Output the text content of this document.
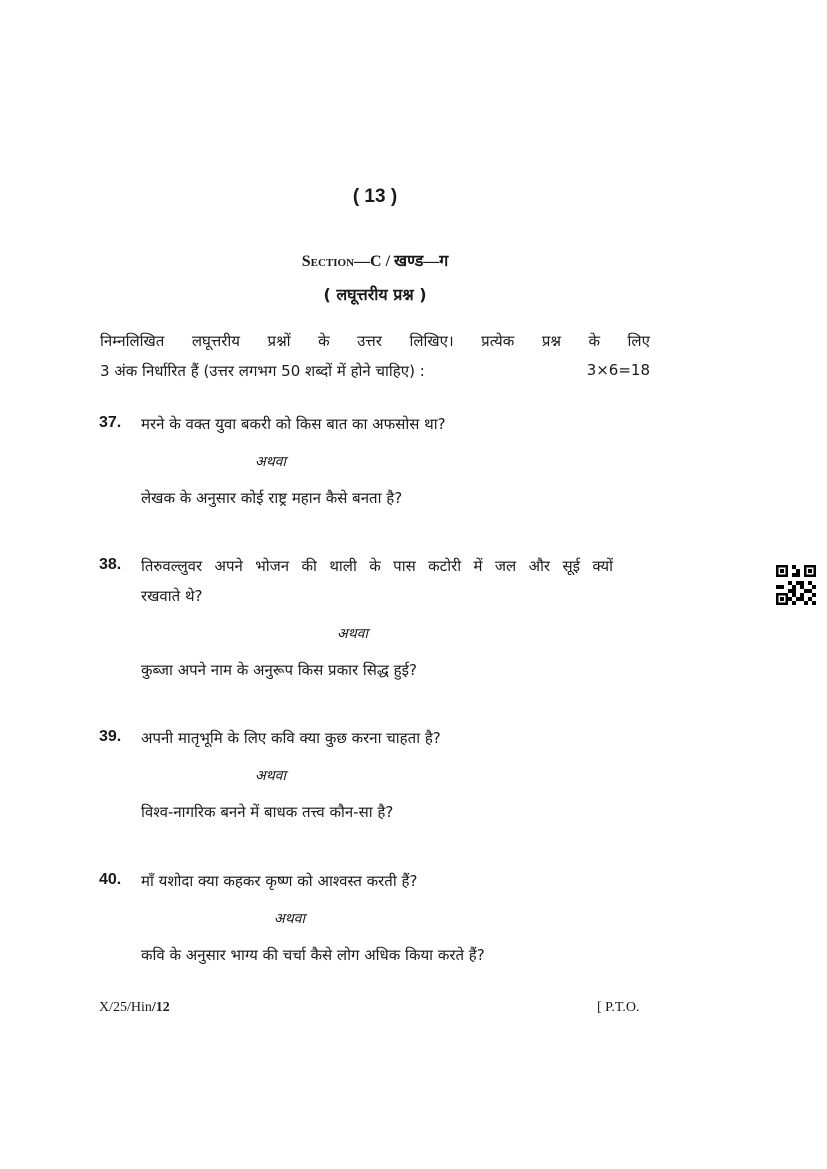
( 13 )
Section—C / खण्ड—ग
( लघूत्तरीय प्रश्न )
निम्नलिखित लघूत्तरीय प्रश्नों के उत्तर लिखिए। प्रत्येक प्रश्न के लिए
3 अंक निर्धारित हैं (उत्तर लगभग 50 शब्दों में होने चाहिए) :	3×6=18
37. मरने के वक्त युवा बकरी को किस बात का अफसोस था?
अथवा
लेखक के अनुसार कोई राष्ट्र महान कैसे बनता है?
38. तिरुवल्लुवर अपने भोजन की थाली के पास कटोरी में जल और सूई क्यों
रखवाते थे?
अथवा
कुब्जा अपने नाम के अनुरूप किस प्रकार सिद्ध हुई?
39. अपनी मातृभूमि के लिए कवि क्या कुछ करना चाहता है?
अथवा
विश्व-नागरिक बनने में बाधक तत्त्व कौन-सा है?
40. माँ यशोदा क्या कहकर कृष्ण को आश्वस्त करती हैं?
अथवा
कवि के अनुसार भाग्य की चर्चा कैसे लोग अधिक किया करते हैं?
X/25/Hin/12	[ P.T.O.
